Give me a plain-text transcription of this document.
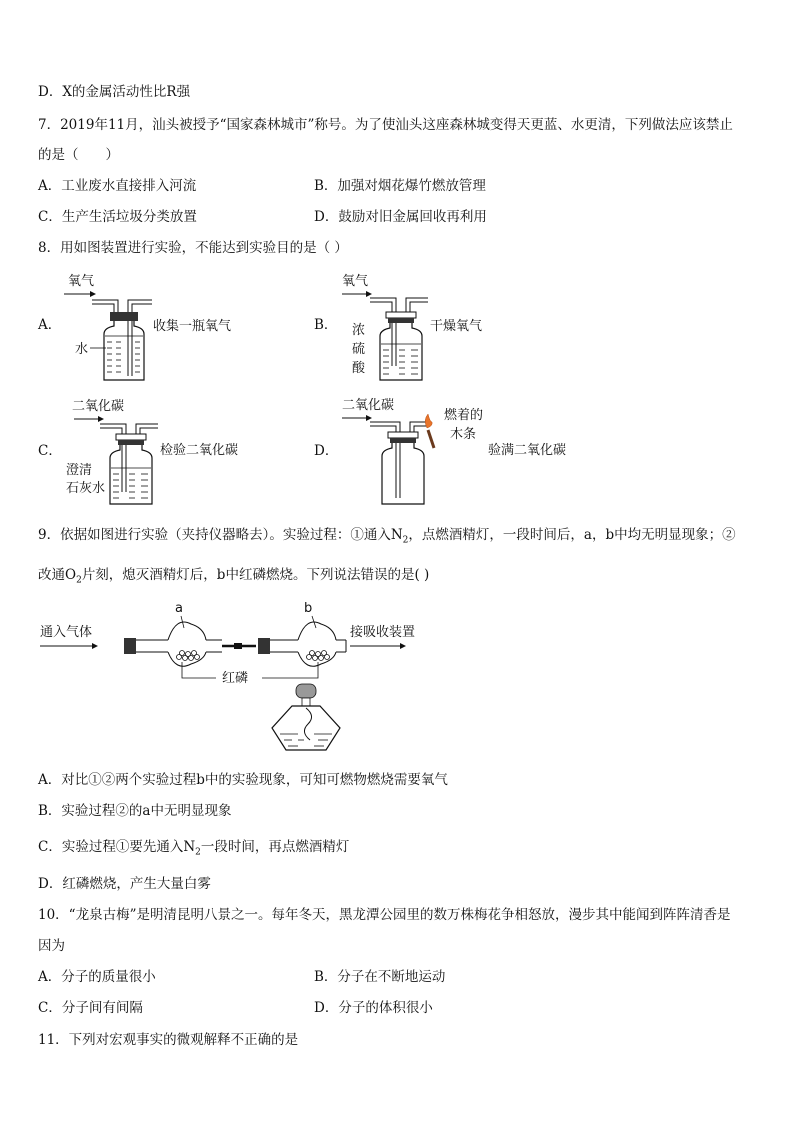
D．X的金属活动性比R强
7．2019年11月，汕头被授予“国家森林城市”称号。为了使汕头这座森林城变得天更蓝、水更清，下列做法应该禁止
的是（　　）
A．工业废水直接排入河流	B．加强对烟花爆竹燃放管理
C．生产生活垃圾分类放置	D．鼓励对旧金属回收再利用
8．用如图装置进行实验，不能达到实验目的是（ ）
A．
氧气
水
收集一瓶氧气	B．
氧气
浓
硫
酸
干燥氧气
C．
二氧化碳
澄清
石灰水
检验二氧化碳	D．
二氧化碳
燃着的
木条
验满二氧化碳
9．依据如图进行实验（夹持仪器略去）。实验过程：①通入$N_2$，点燃酒精灯，一段时间后，a，b中均无明显现象；②
改通$O_2$片刻，熄灭酒精灯后，b中红磷燃烧。下列说法错误的是( )
通入气体
a	b
接吸收装置
红磷
A．对比①②两个实验过程b中的实验现象，可知可燃物燃烧需要氧气
B．实验过程②的a中无明显现象
C．实验过程①要先通入$N_2$一段时间，再点燃酒精灯
D．红磷燃烧，产生大量白雾
10．“龙泉古梅”是明清昆明八景之一。每年冬天，黑龙潭公园里的数万株梅花争相怒放，漫步其中能闻到阵阵清香是
因为
A．分子的质量很小	B．分子在不断地运动
C．分子间有间隔	D．分子的体积很小
11．下列对宏观事实的微观解释不正确的是
